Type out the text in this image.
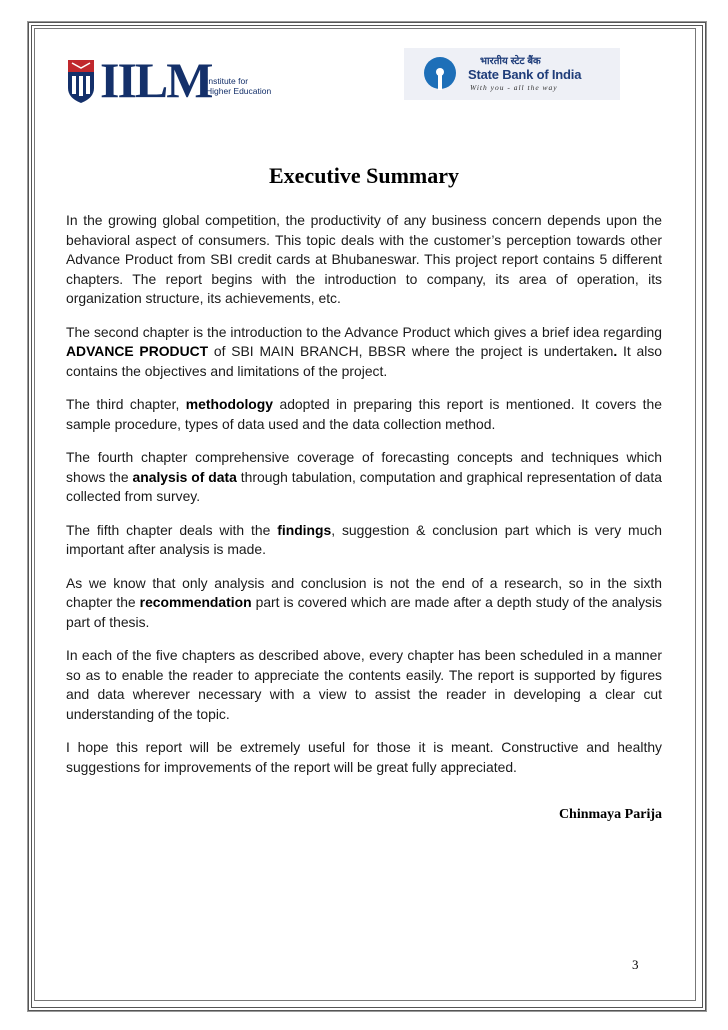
IILM
Institute for
Higher Education
भारतीय स्टेट बैंक
State Bank of India
With you - all the way
Executive Summary

In the growing global competition, the productivity of any business concern depends upon the behavioral aspect of consumers. This topic deals with the customer’s perception towards other Advance Product from SBI credit cards at Bhubaneswar. This project report contains 5 different chapters. The report begins with the introduction to company, its area of operation, its organization structure, its achievements, etc.

The second chapter is the introduction to the Advance Product which gives a brief idea regarding ADVANCE PRODUCT of SBI MAIN BRANCH, BBSR where the project is undertaken. It also contains the objectives and limitations of the project.

The third chapter, methodology adopted in preparing this report is mentioned. It covers the sample procedure, types of data used and the data collection method.

The fourth chapter comprehensive coverage of forecasting concepts and techniques which shows the analysis of data through tabulation, computation and graphical representation of data collected from survey.

The fifth chapter deals with the findings, suggestion & conclusion part which is very much important after analysis is made.

As we know that only analysis and conclusion is not the end of a research, so in the sixth chapter the recommendation part is covered which are made after a depth study of the analysis part of thesis.

In each of the five chapters as described above, every chapter has been scheduled in a manner so as to enable the reader to appreciate the contents easily. The report is supported by figures and data wherever necessary with a view to assist the reader in developing a clear cut understanding of the topic.

I hope this report will be extremely useful for those it is meant. Constructive and healthy suggestions for improvements of the report will be great fully appreciated.

Chinmaya Parija
3
